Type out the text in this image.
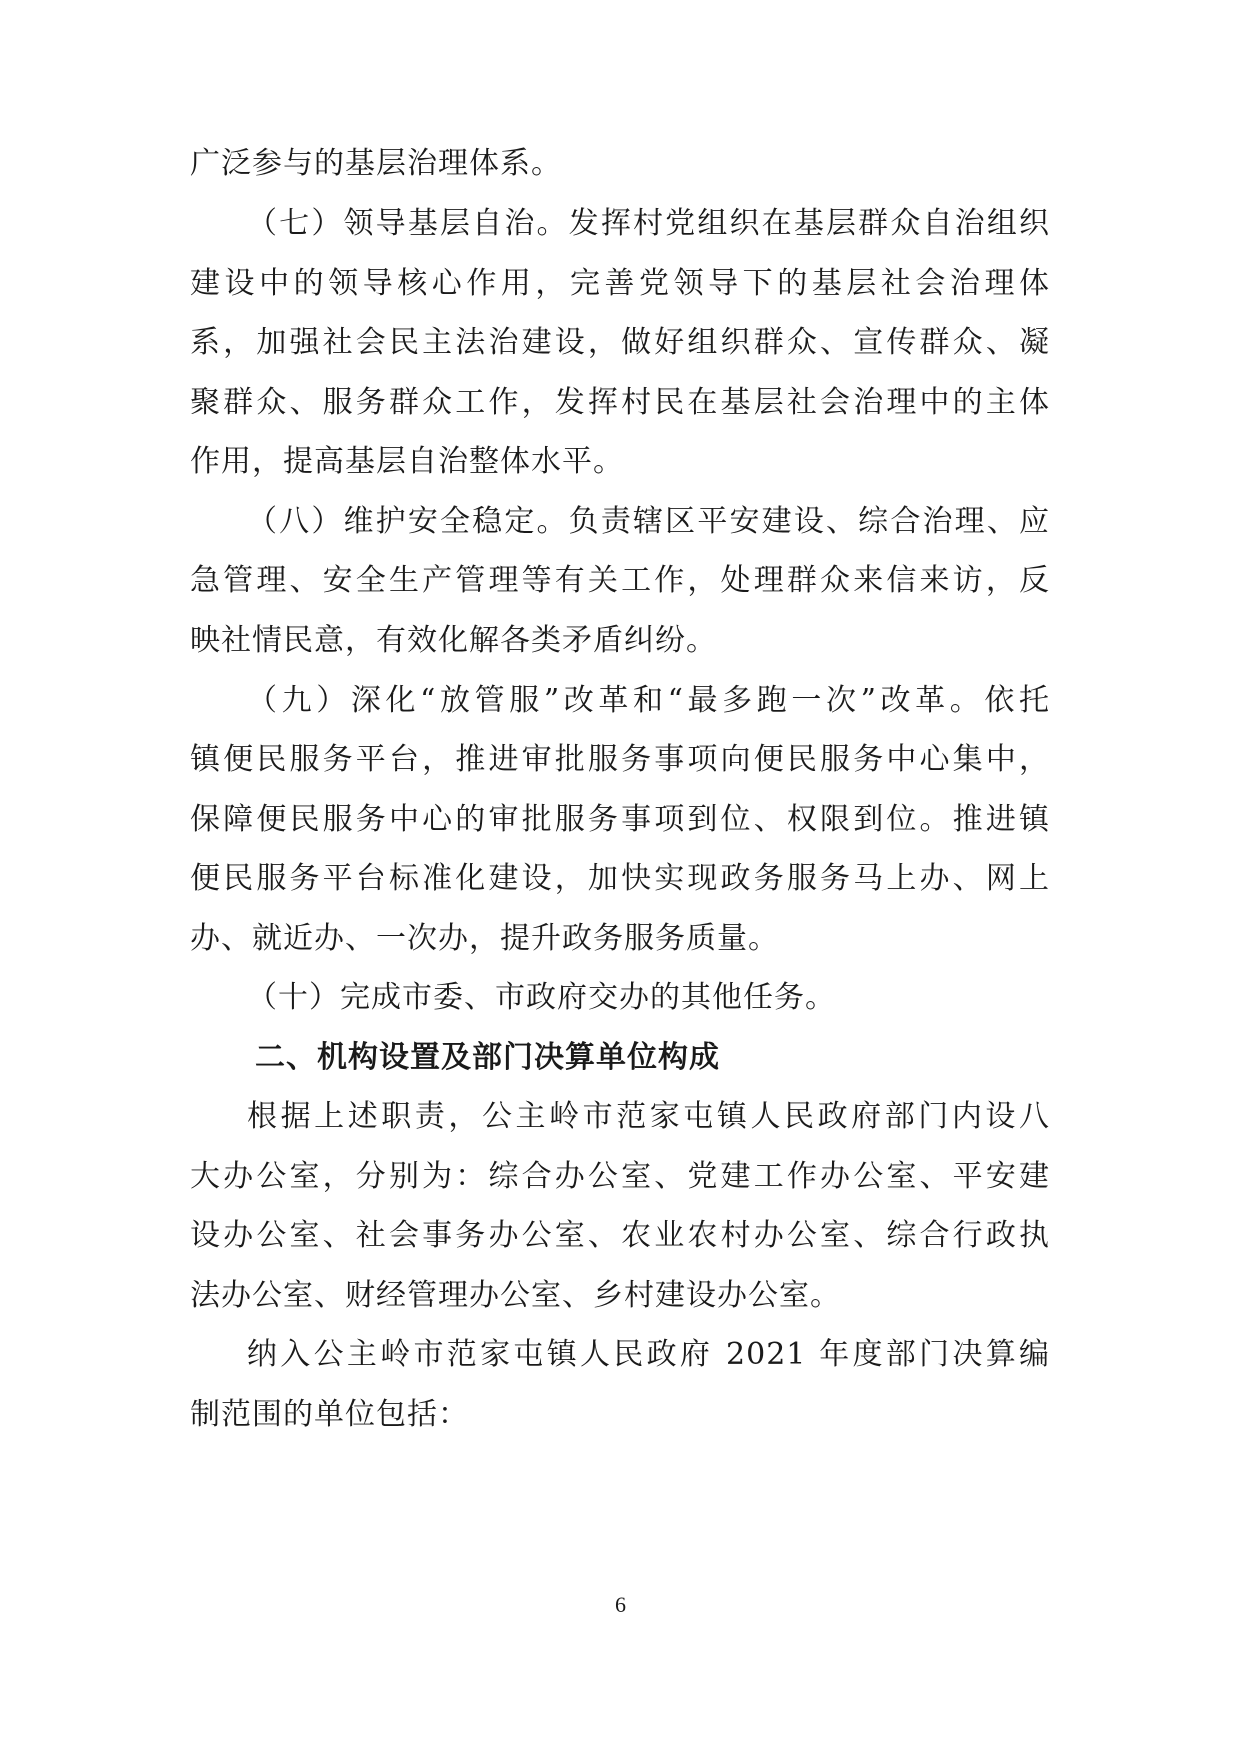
广泛参与的基层治理体系。
（七）领导基层自治。发挥村党组织在基层群众自治组织
建设中的领导核心作用，完善党领导下的基层社会治理体
系，加强社会民主法治建设，做好组织群众、宣传群众、凝
聚群众、服务群众工作，发挥村民在基层社会治理中的主体
作用，提高基层自治整体水平。
（八）维护安全稳定。负责辖区平安建设、综合治理、应
急管理、安全生产管理等有关工作，处理群众来信来访，反
映社情民意，有效化解各类矛盾纠纷。
（九）深化“放管服”改革和“最多跑一次”改革。依托
镇便民服务平台，推进审批服务事项向便民服务中心集中，
保障便民服务中心的审批服务事项到位、权限到位。推进镇
便民服务平台标准化建设，加快实现政务服务马上办、网上
办、就近办、一次办，提升政务服务质量。
（十）完成市委、市政府交办的其他任务。
二、机构设置及部门决算单位构成
根据上述职责，公主岭市范家屯镇人民政府部门内设八
大办公室，分别为：综合办公室、党建工作办公室、平安建
设办公室、社会事务办公室、农业农村办公室、综合行政执
法办公室、财经管理办公室、乡村建设办公室。
纳入公主岭市范家屯镇人民政府 2021 年度部门决算编
制范围的单位包括：
6
